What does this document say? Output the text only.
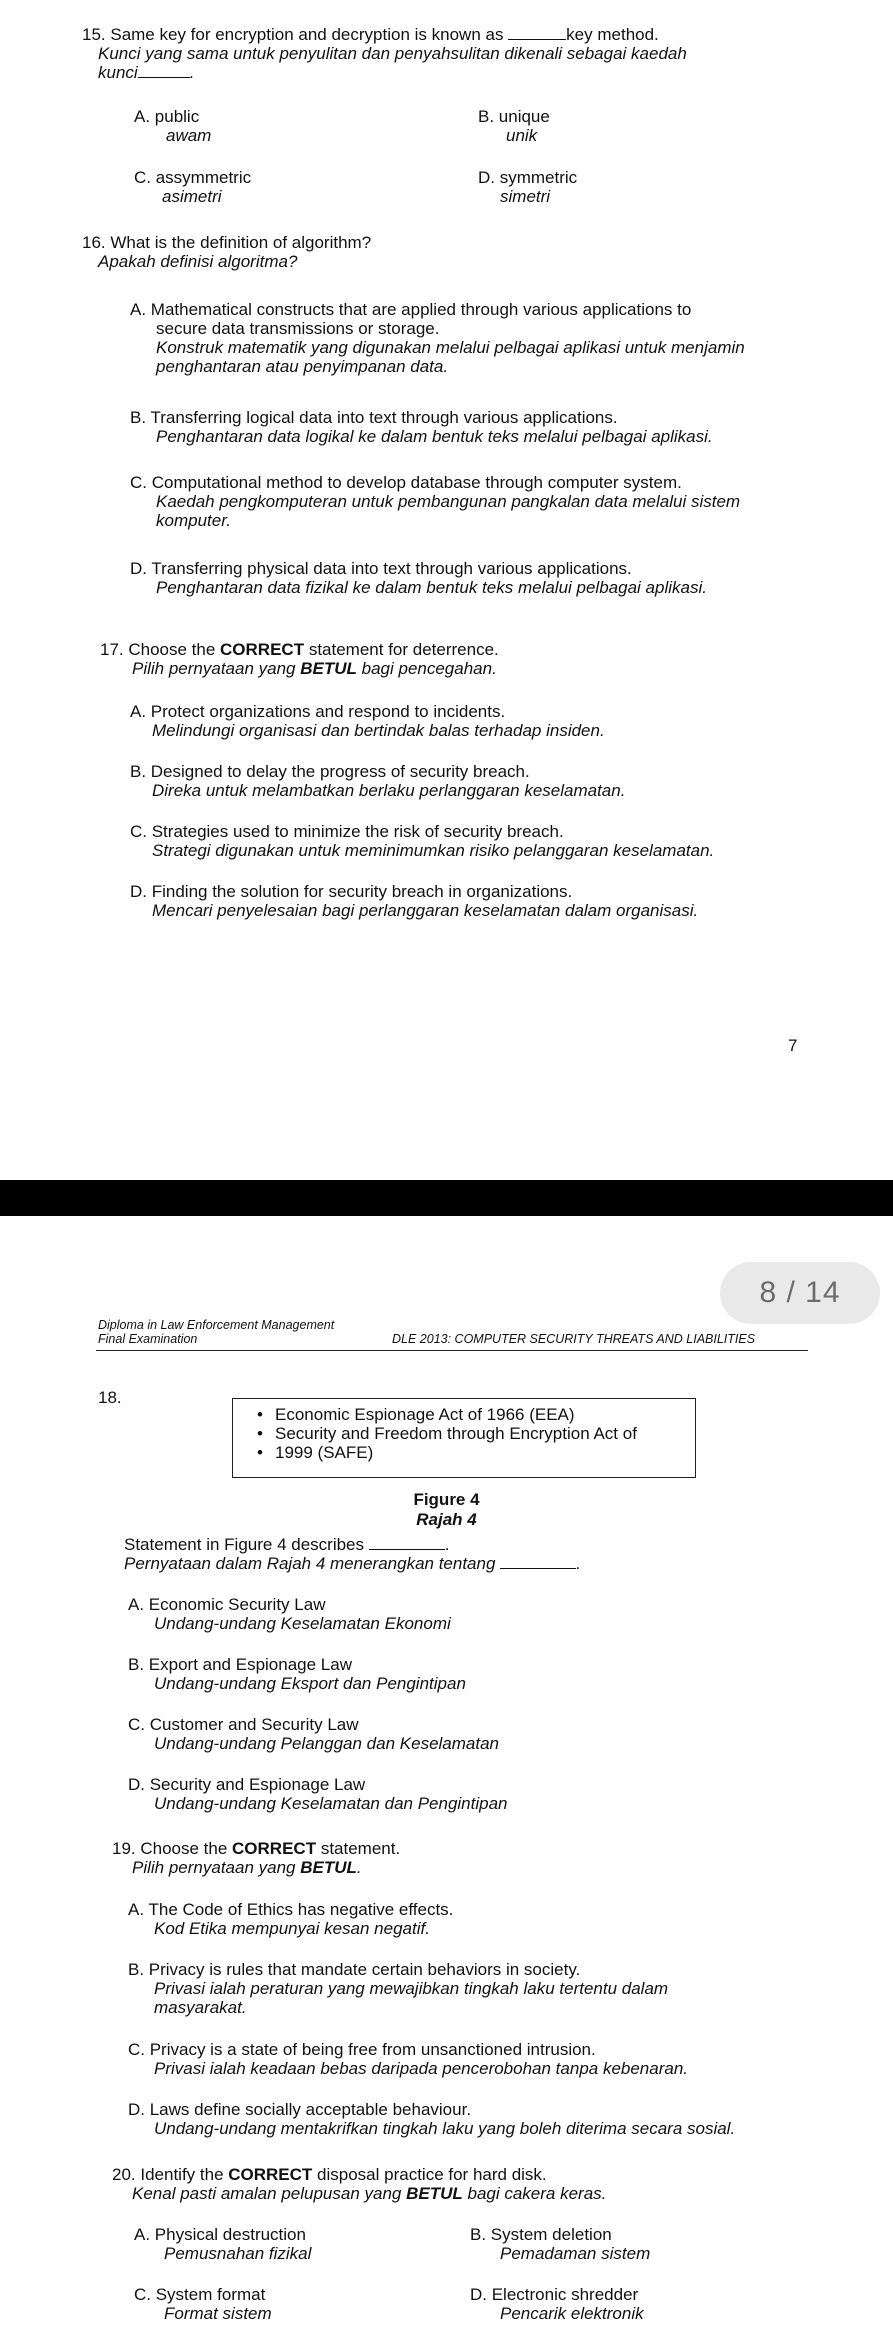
15. Same key for encryption and decryption is known as	key method.
Kunci yang sama untuk penyulitan dan penyahsulitan dikenali sebagai kaedah
kunci	.
A. public
awam
B. unique
unik
C. assymmetric
asimetri
D. symmetric
simetri
16. What is the definition of algorithm?
Apakah definisi algoritma?
A. Mathematical constructs that are applied through various applications to
secure data transmissions or storage.
Konstruk matematik yang digunakan melalui pelbagai aplikasi untuk menjamin
penghantaran atau penyimpanan data.
B. Transferring logical data into text through various applications.
Penghantaran data logikal ke dalam bentuk teks melalui pelbagai aplikasi.
C. Computational method to develop database through computer system.
Kaedah pengkomputeran untuk pembangunan pangkalan data melalui sistem
komputer.
D. Transferring physical data into text through various applications.
Penghantaran data fizikal ke dalam bentuk teks melalui pelbagai aplikasi.
17. Choose the CORRECT statement for deterrence.
Pilih pernyataan yang BETUL bagi pencegahan.
A. Protect organizations and respond to incidents.
Melindungi organisasi dan bertindak balas terhadap insiden.
B. Designed to delay the progress of security breach.
Direka untuk melambatkan berlaku perlanggaran keselamatan.
C. Strategies used to minimize the risk of security breach.
Strategi digunakan untuk meminimumkan risiko pelanggaran keselamatan.
D. Finding the solution for security breach in organizations.
Mencari penyelesaian bagi perlanggaran keselamatan dalam organisasi.
7
8 / 14
Diploma in Law Enforcement Management
Final Examination	DLE 2013: COMPUTER SECURITY THREATS AND LIABILITIES
18.
• Economic Espionage Act of 1966 (EEA)
• Security and Freedom through Encryption Act of
• 1999 (SAFE)
Figure 4
Rajah 4
Statement in Figure 4 describes	.
Pernyataan dalam Rajah 4 menerangkan tentang	.
A. Economic Security Law
Undang-undang Keselamatan Ekonomi
B. Export and Espionage Law
Undang-undang Eksport dan Pengintipan
C. Customer and Security Law
Undang-undang Pelanggan dan Keselamatan
D. Security and Espionage Law
Undang-undang Keselamatan dan Pengintipan
19. Choose the CORRECT statement.
Pilih pernyataan yang BETUL.
A. The Code of Ethics has negative effects.
Kod Etika mempunyai kesan negatif.
B. Privacy is rules that mandate certain behaviors in society.
Privasi ialah peraturan yang mewajibkan tingkah laku tertentu dalam
masyarakat.
C. Privacy is a state of being free from unsanctioned intrusion.
Privasi ialah keadaan bebas daripada pencerobohan tanpa kebenaran.
D. Laws define socially acceptable behaviour.
Undang-undang mentakrifkan tingkah laku yang boleh diterima secara sosial.
20. Identify the CORRECT disposal practice for hard disk.
Kenal pasti amalan pelupusan yang BETUL bagi cakera keras.
A. Physical destruction
Pemusnahan fizikal
B. System deletion
Pemadaman sistem
C. System format
Format sistem
D. Electronic shredder
Pencarik elektronik
